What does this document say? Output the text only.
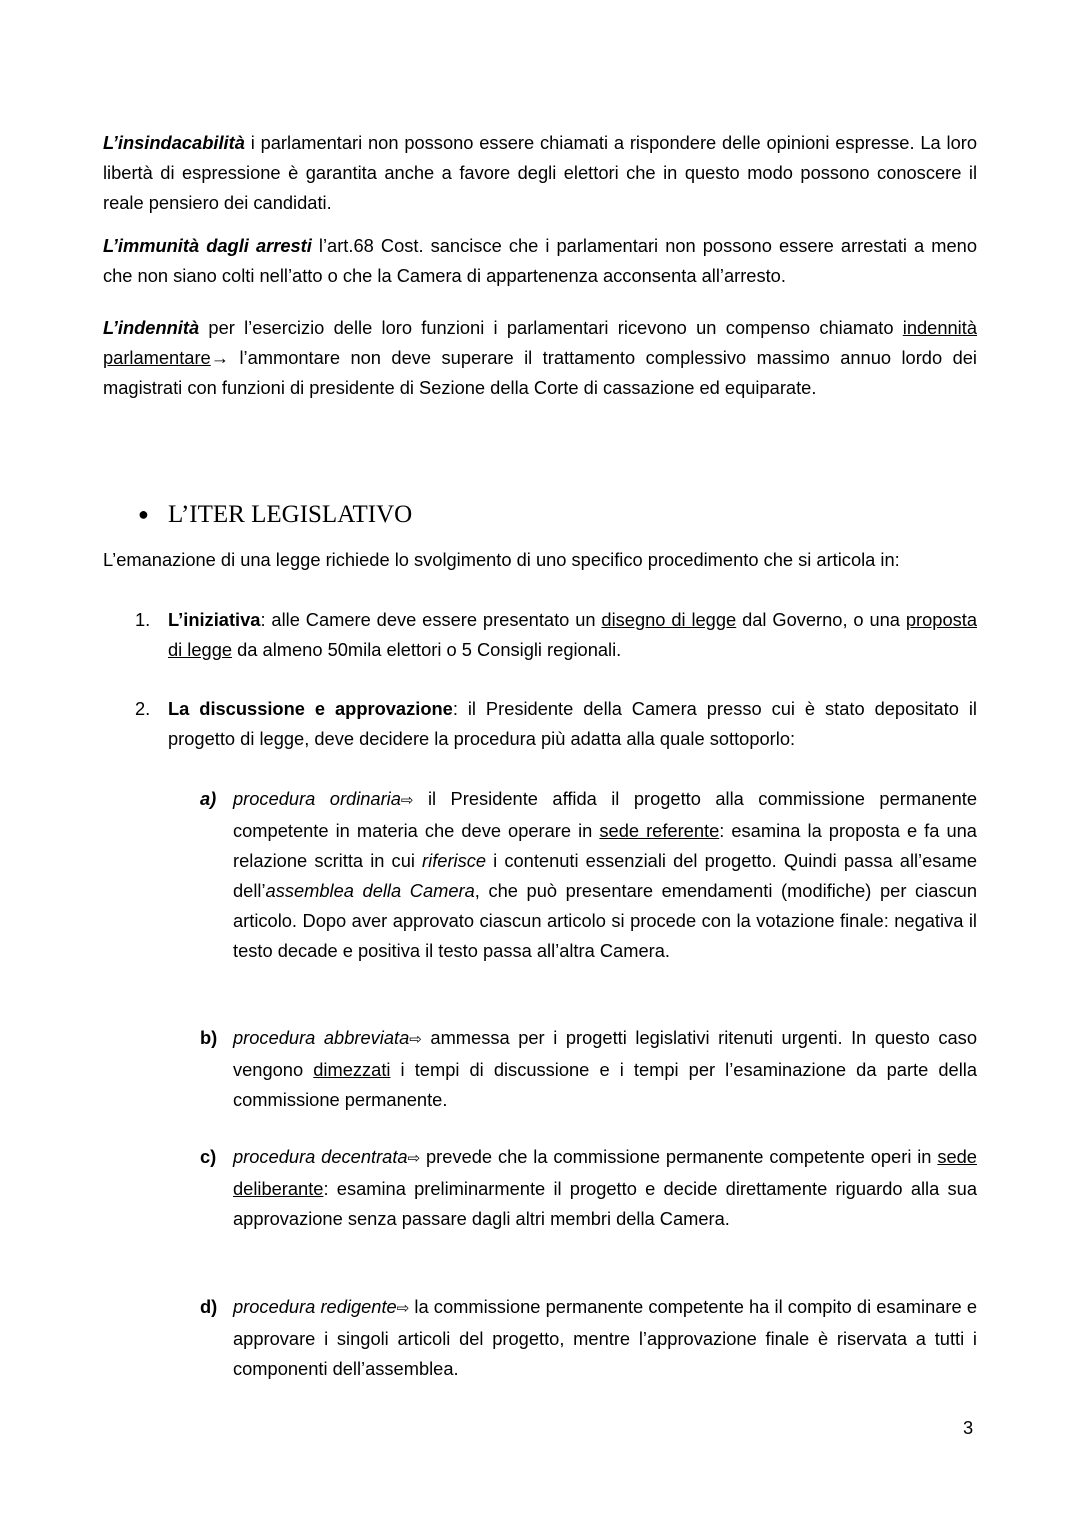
L’insindacabilità i parlamentari non possono essere chiamati a rispondere delle opinioni espresse. La loro libertà di espressione è garantita anche a favore degli elettori che in questo modo possono conoscere il reale pensiero dei candidati.

L’immunità dagli arresti l’art.68 Cost. sancisce che i parlamentari non possono essere arrestati a meno che non siano colti nell’atto o che la Camera di appartenenza acconsenta all’arresto.

L’indennità per l’esercizio delle loro funzioni i parlamentari ricevono un compenso chiamato indennità parlamentare→ l’ammontare non deve superare il trattamento complessivo massimo annuo lordo dei magistrati con funzioni di presidente di Sezione della Corte di cassazione ed equiparate.

● L’ITER LEGISLATIVO

L’emanazione di una legge richiede lo svolgimento di uno specifico procedimento che si articola in:

1. L’iniziativa: alle Camere deve essere presentato un disegno di legge dal Governo, o una proposta di legge da almeno 50mila elettori o 5 Consigli regionali.

2. La discussione e approvazione: il Presidente della Camera presso cui è stato depositato il progetto di legge, deve decidere la procedura più adatta alla quale sottoporlo:

a) procedura ordinaria⇨ il Presidente affida il progetto alla commissione permanente competente in materia che deve operare in sede referente: esamina la proposta e fa una relazione scritta in cui riferisce i contenuti essenziali del progetto. Quindi passa all’esame dell’assemblea della Camera, che può presentare emendamenti (modifiche) per ciascun articolo. Dopo aver approvato ciascun articolo si procede con la votazione finale: negativa il testo decade e positiva il testo passa all’altra Camera.

b) procedura abbreviata⇨ ammessa per i progetti legislativi ritenuti urgenti. In questo caso vengono dimezzati i tempi di discussione e i tempi per l’esaminazione da parte della commissione permanente.

c) procedura decentrata⇨ prevede che la commissione permanente competente operi in sede deliberante: esamina preliminarmente il progetto e decide direttamente riguardo alla sua approvazione senza passare dagli altri membri della Camera.

d) procedura redigente⇨ la commissione permanente competente ha il compito di esaminare e approvare i singoli articoli del progetto, mentre l’approvazione finale è riservata a tutti i componenti dell’assemblea.

3
